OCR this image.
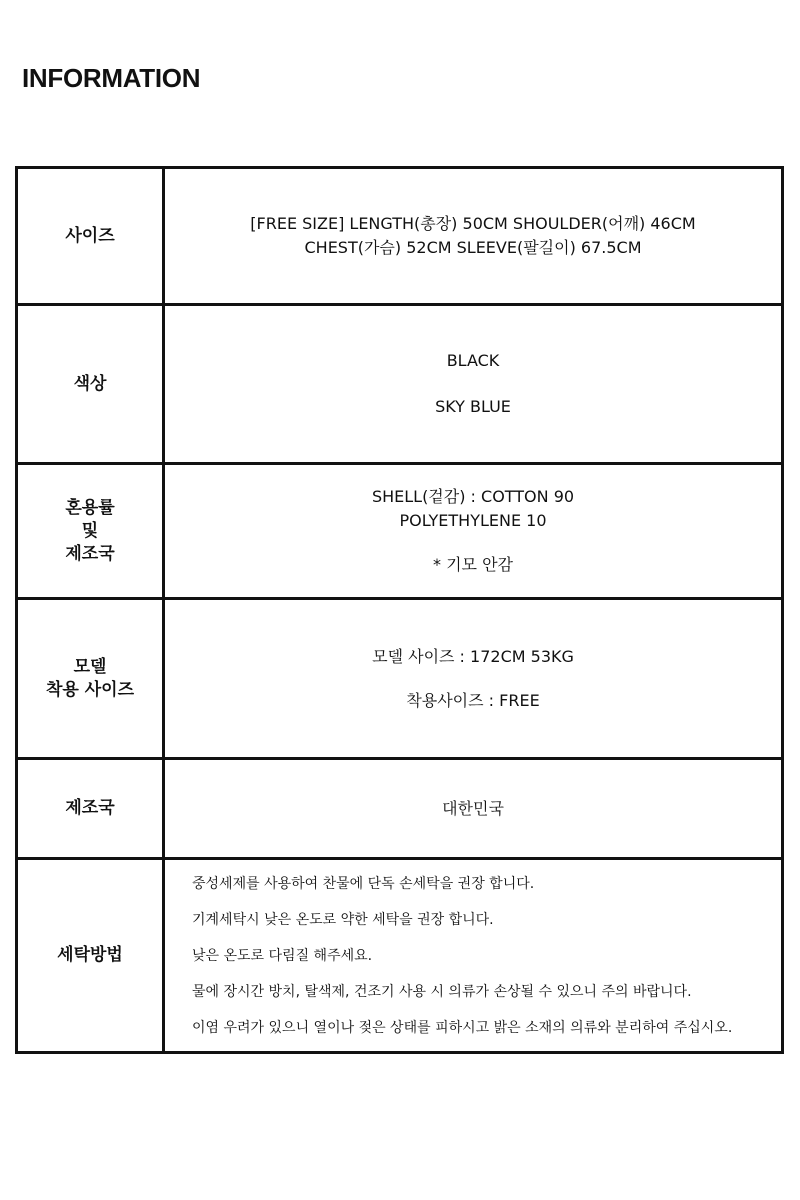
INFORMATION
사이즈
[FREE SIZE] LENGTH(총장) 50CM SHOULDER(어깨) 46CM
CHEST(가슴) 52CM SLEEVE(팔길이) 67.5CM
색상
BLACK
SKY BLUE
혼용률
및
제조국
SHELL(겉감) : COTTON 90
POLYETHYLENE 10
* 기모 안감
모델
착용 사이즈
모델 사이즈 : 172CM 53KG
착용사이즈 : FREE
제조국	대한민국
세탁방법
중성세제를 사용하여 찬물에 단독 손세탁을 권장 합니다.
기계세탁시 낮은 온도로 약한 세탁을 권장 합니다.
낮은 온도로 다림질 해주세요.
물에 장시간 방치, 탈색제, 건조기 사용 시 의류가 손상될 수 있으니 주의 바랍니다.
이염 우려가 있으니 열이나 젖은 상태를 피하시고 밝은 소재의 의류와 분리하여 주십시오.
